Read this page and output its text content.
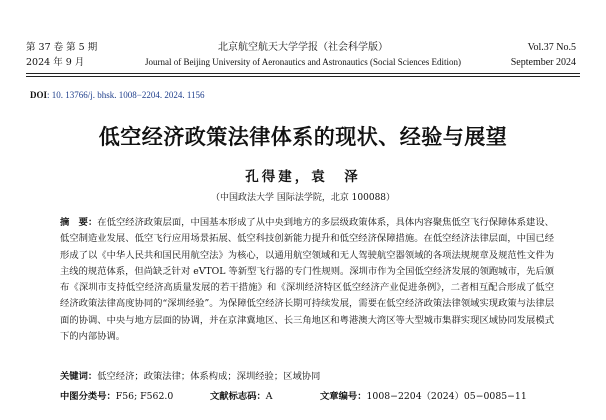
第 37 卷 第 5 期
2024 年 9 月
北京航空航天大学学报（社会科学版）
Journal of Beijing University of Aeronautics and Astronautics (Social Sciences Edition)
Vol.37 No.5
September 2024
DOI: 10. 13766/j. bhsk. 1008−2204. 2024. 1156
低空经济政策法律体系的现状、经验与展望
孔得建，袁　泽
（中国政法大学 国际法学院，北京 100088）
摘　要：在低空经济政策层面，中国基本形成了从中央到地方的多层级政策体系，具体内容聚焦低空飞行保障体系建设、低空制造业发展、低空飞行应用场景拓展、低空科技创新能力提升和低空经济保障措施。在低空经济法律层面，中国已经形成了以《中华人民共和国民用航空法》为核心，以通用航空领域和无人驾驶航空器领域的各项法规规章及规范性文件为主线的规范体系，但尚缺乏针对 eVTOL 等新型飞行器的专门性规则。深圳市作为全国低空经济发展的领跑城市，先后颁布《深圳市支持低空经济高质量发展的若干措施》和《深圳经济特区低空经济产业促进条例》，二者相互配合形成了低空经济政策法律高度协同的“深圳经验”。为保障低空经济长期可持续发展，需要在低空经济政策法律领域实现政策与法律层面的协调、中央与地方层面的协调，并在京津冀地区、长三角地区和粤港澳大湾区等大型城市集群实现区域协同发展模式下的内部协调。
关键词：低空经济；政策法律；体系构成；深圳经验；区域协同
中图分类号：F56; F562.0	文献标志码：A	文章编号：1008−2204（2024）05−0085−11
